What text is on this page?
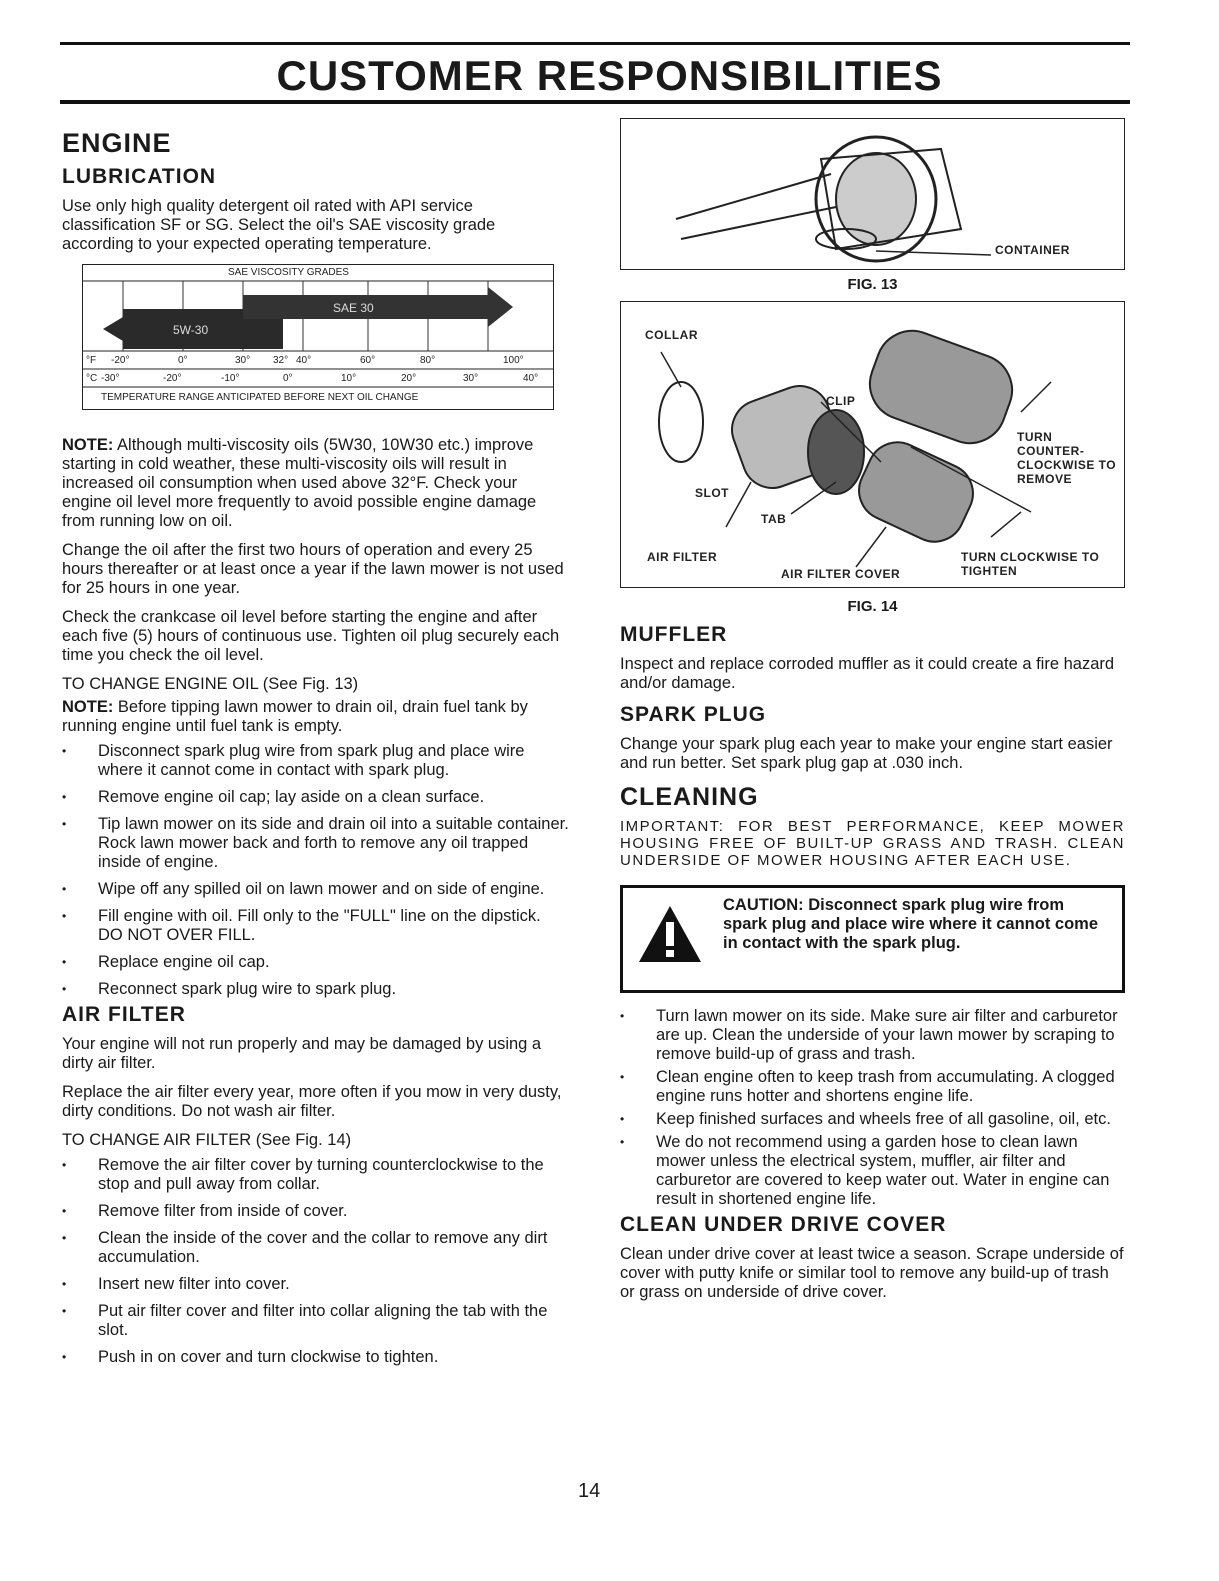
CUSTOMER RESPONSIBILITIES
ENGINE
LUBRICATION

Use only high quality detergent oil rated with API service classification SF or SG. Select the oil's SAE viscosity grade according to your expected operating temperature.

SAE VISCOSITY GRADES
5W-30
SAE 30
°F -20°	0°	30° 32° 40°	60°	80°	100°
°C -30°	-20°	-10°	0°	10°	20°	30°	40°
TEMPERATURE RANGE ANTICIPATED BEFORE NEXT OIL CHANGE

NOTE: Although multi-viscosity oils (5W30, 10W30 etc.) improve starting in cold weather, these multi-viscosity oils will result in increased oil consumption when used above 32°F. Check your engine oil level more frequently to avoid possible engine damage from running low on oil.

Change the oil after the first two hours of operation and every 25 hours thereafter or at least once a year if the lawn mower is not used for 25 hours in one year.

Check the crankcase oil level before starting the engine and after each five (5) hours of continuous use. Tighten oil plug securely each time you check the oil level.

TO CHANGE ENGINE OIL (See Fig. 13)

NOTE: Before tipping lawn mower to drain oil, drain fuel tank by running engine until fuel tank is empty.

• Disconnect spark plug wire from spark plug and place wire where it cannot come in contact with spark plug.
• Remove engine oil cap; lay aside on a clean surface.
• Tip lawn mower on its side and drain oil into a suitable container. Rock lawn mower back and forth to remove any oil trapped inside of engine.
• Wipe off any spilled oil on lawn mower and on side of engine.
• Fill engine with oil. Fill only to the "FULL" line on the dipstick. DO NOT OVER FILL.
• Replace engine oil cap.
• Reconnect spark plug wire to spark plug.
AIR FILTER

Your engine will not run properly and may be damaged by using a dirty air filter.

Replace the air filter every year, more often if you mow in very dusty, dirty conditions. Do not wash air filter.

TO CHANGE AIR FILTER (See Fig. 14)

• Remove the air filter cover by turning counterclockwise to the stop and pull away from collar.
• Remove filter from inside of cover.
• Clean the inside of the cover and the collar to remove any dirt accumulation.
• Insert new filter into cover.
• Put air filter cover and filter into collar aligning the tab with the slot.
• Push in on cover and turn clockwise to tighten.
CONTAINER
FIG. 13
COLLAR
CLIP
SLOT
TAB
AIR FILTER
AIR FILTER COVER
TURN COUNTER-CLOCKWISE TO REMOVE
TURN CLOCKWISE TO TIGHTEN
FIG. 14
MUFFLER

Inspect and replace corroded muffler as it could create a fire hazard and/or damage.

SPARK PLUG

Change your spark plug each year to make your engine start easier and run better. Set spark plug gap at .030 inch.

CLEANING

IMPORTANT: FOR BEST PERFORMANCE, KEEP MOWER HOUSING FREE OF BUILT-UP GRASS AND TRASH. CLEAN UNDERSIDE OF MOWER HOUSING AFTER EACH USE.

CAUTION: Disconnect spark plug wire from spark plug and place wire where it cannot come in contact with the spark plug.
• Turn lawn mower on its side. Make sure air filter and carburetor are up. Clean the underside of your lawn mower by scraping to remove build-up of grass and trash.
• Clean engine often to keep trash from accumulating. A clogged engine runs hotter and shortens engine life.
• Keep finished surfaces and wheels free of all gasoline, oil, etc.
• We do not recommend using a garden hose to clean lawn mower unless the electrical system, muffler, air filter and carburetor are covered to keep water out. Water in engine can result in shortened engine life.
CLEAN UNDER DRIVE COVER

Clean under drive cover at least twice a season. Scrape underside of cover with putty knife or similar tool to remove any build-up of trash or grass on underside of drive cover.

14
